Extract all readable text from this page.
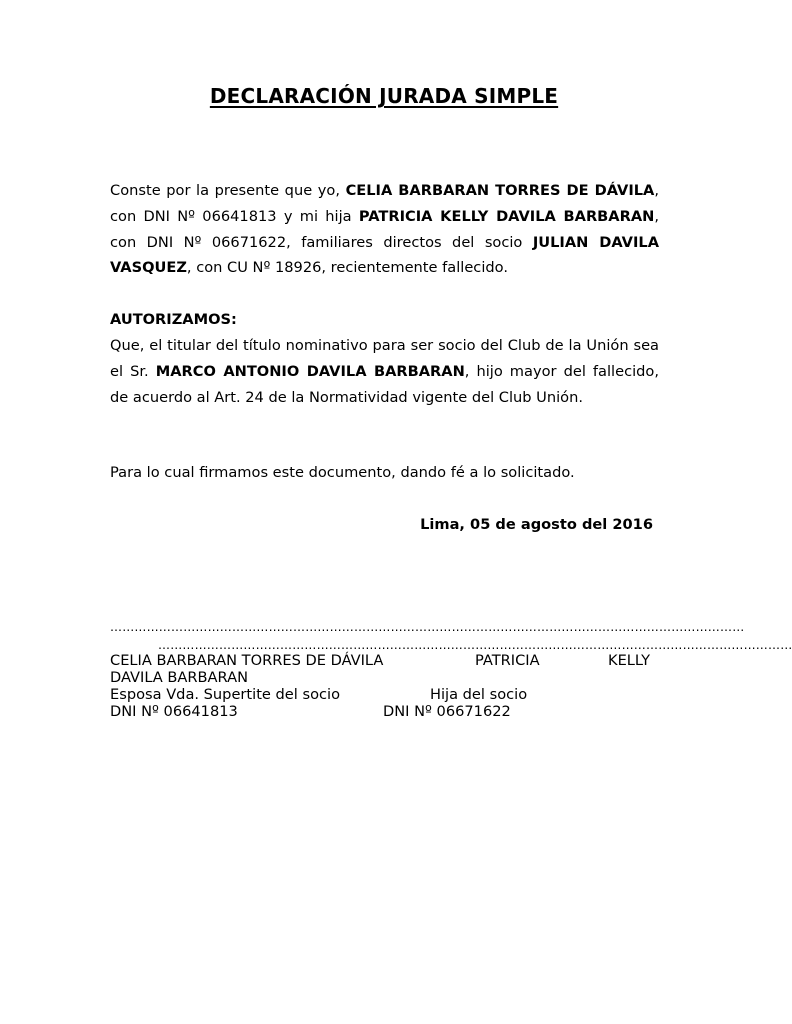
DECLARACIÓN JURADA SIMPLE
Conste por la presente que yo, CELIA BARBARAN TORRES DE DÁVILA, con DNI Nº 06641813 y mi hija PATRICIA KELLY DAVILA BARBARAN, con DNI Nº 06671622, familiares directos del socio JULIAN DAVILA VASQUEZ, con CU Nº 18926, recientemente fallecido.
AUTORIZAMOS:
Que, el titular del título nominativo para ser socio del Club de la Unión sea el Sr. MARCO ANTONIO DAVILA BARBARAN, hijo mayor del fallecido, de acuerdo al Art. 24 de la Normatividad vigente del Club Unión.
Para lo cual firmamos este documento, dando fé a lo solicitado.
Lima, 05 de agosto del 2016
…………………………………………………………………………………………………………………………………………
…………………………………………………………………………………………………………………………………………
CELIA BARBARAN TORRES DE DÁVILA	PATRICIA	KELLY
DAVILA BARBARAN
Esposa Vda. Supertite del socio	Hija del socio
DNI Nº 06641813	DNI Nº 06671622
